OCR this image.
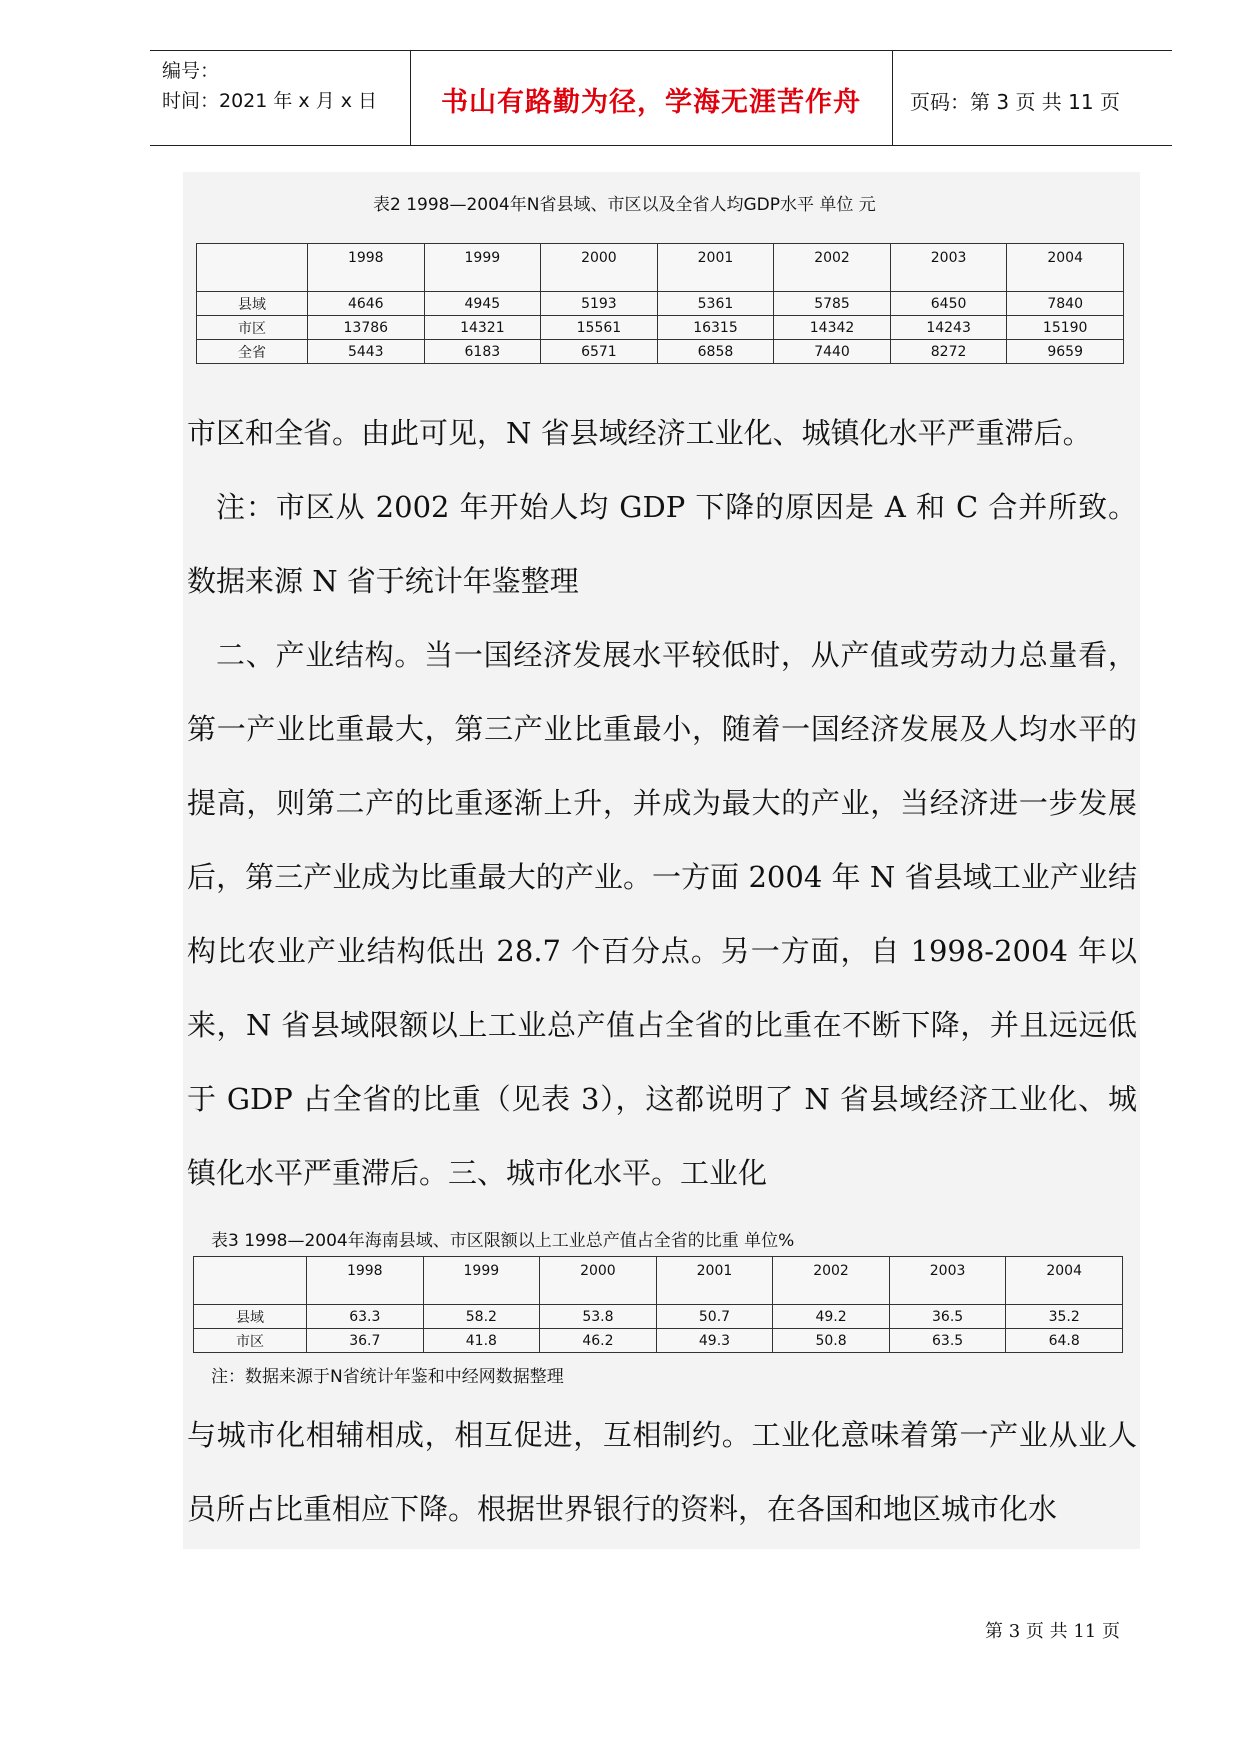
编号：
时间：2021 年 x 月 x 日	书山有路勤为径，学海无涯苦作舟	页码：第 3 页 共 11 页
表2 1998—2004年N省县域、市区以及全省人均GDP水平 单位 元
	1998	1999	2000	2001	2002	2003	2004
县域	4646	4945	5193	5361	5785	6450	7840
市区	13786	14321	15561	16315	14342	14243	15190
全省	5443	6183	6571	6858	7440	8272	9659

市区和全省。由此可见，N 省县域经济工业化、城镇化水平严重滞后。

注：市区从 2002 年开始人均 GDP 下降的原因是 A 和 C 合并所致。数据来源 N 省于统计年鉴整理

二、产业结构。当一国经济发展水平较低时，从产值或劳动力总量看，第一产业比重最大，第三产业比重最小，随着一国经济发展及人均水平的提高，则第二产的比重逐渐上升，并成为最大的产业，当经济进一步发展后，第三产业成为比重最大的产业。一方面 2004 年 N 省县域工业产业结构比农业产业结构低出 28.7 个百分点。另一方面，自 1998-2004 年以来，N 省县域限额以上工业总产值占全省的比重在不断下降，并且远远低于 GDP 占全省的比重（见表 3），这都说明了 N 省县域经济工业化、城镇化水平严重滞后。三、城市化水平。工业化

表3 1998—2004年海南县域、市区限额以上工业总产值占全省的比重 单位%
	1998	1999	2000	2001	2002	2003	2004
县域	63.3	58.2	53.8	50.7	49.2	36.5	35.2
市区	36.7	41.8	46.2	49.3	50.8	63.5	64.8
注：数据来源于N省统计年鉴和中经网数据整理

与城市化相辅相成，相互促进，互相制约。工业化意味着第一产业从业人员所占比重相应下降。根据世界银行的资料，在各国和地区城市化水

第 3 页 共 11 页
